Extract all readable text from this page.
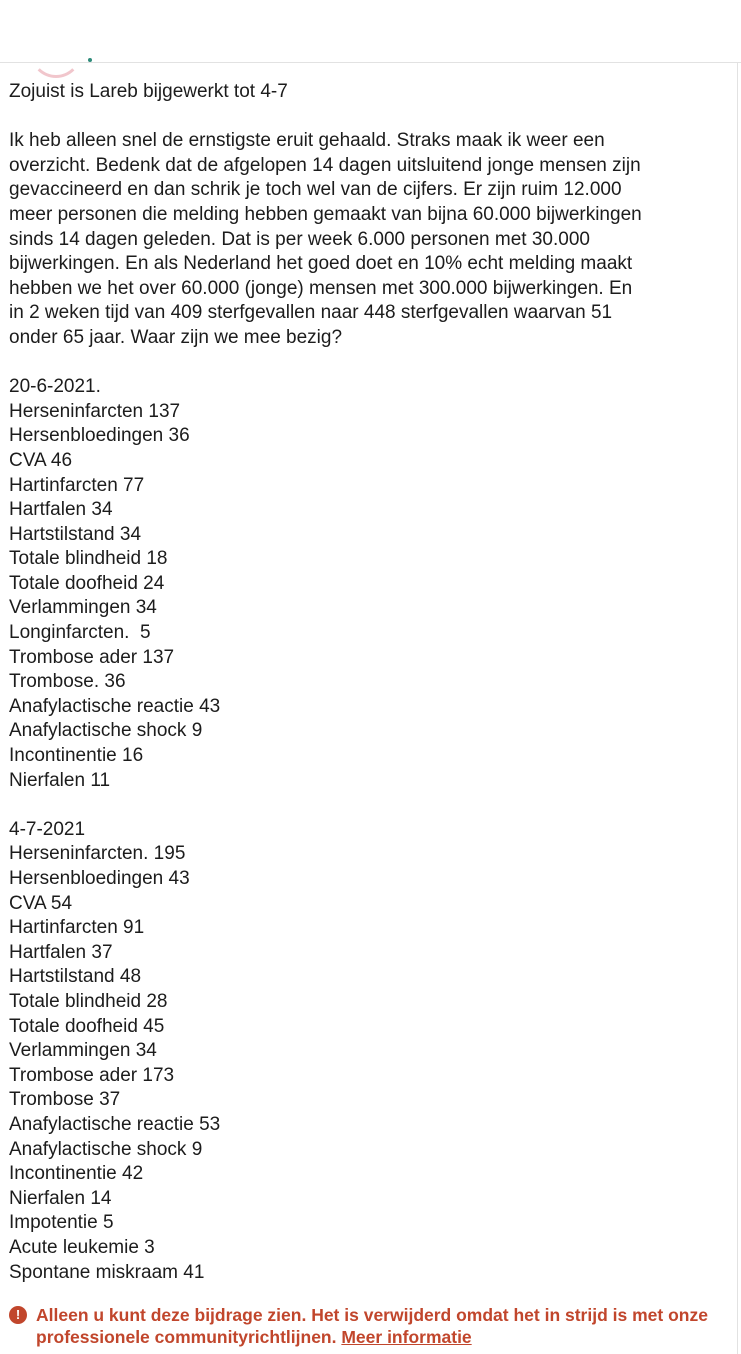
Zojuist is Lareb bijgewerkt tot 4-7

Ik heb alleen snel de ernstigste eruit gehaald. Straks maak ik weer een

overzicht. Bedenk dat de afgelopen 14 dagen uitsluitend jonge mensen zijn

gevaccineerd en dan schrik je toch wel van de cijfers. Er zijn ruim 12.000

meer personen die melding hebben gemaakt van bijna 60.000 bijwerkingen

sinds 14 dagen geleden. Dat is per week 6.000 personen met 30.000

bijwerkingen. En als Nederland het goed doet en 10% echt melding maakt

hebben we het over 60.000 (jonge) mensen met 300.000 bijwerkingen. En

in 2 weken tijd van 409 sterfgevallen naar 448 sterfgevallen waarvan 51

onder 65 jaar. Waar zijn we mee bezig?

20-6-2021.

Herseninfarcten 137

Hersenbloedingen 36

CVA 46

Hartinfarcten 77

Hartfalen 34

Hartstilstand 34

Totale blindheid 18

Totale doofheid 24

Verlammingen 34

Longinfarcten.  5

Trombose ader 137

Trombose. 36

Anafylactische reactie 43

Anafylactische shock 9

Incontinentie 16

Nierfalen 11

4-7-2021

Herseninfarcten. 195

Hersenbloedingen 43

CVA 54

Hartinfarcten 91

Hartfalen 37

Hartstilstand 48

Totale blindheid 28

Totale doofheid 45

Verlammingen 34

Trombose ader 173

Trombose 37

Anafylactische reactie 53

Anafylactische shock 9

Incontinentie 42

Nierfalen 14

Impotentie 5

Acute leukemie 3

Spontane miskraam 41

! Alleen u kunt deze bijdrage zien. Het is verwijderd omdat het in strijd is met onze professionele communityrichtlijnen. Meer informatie
